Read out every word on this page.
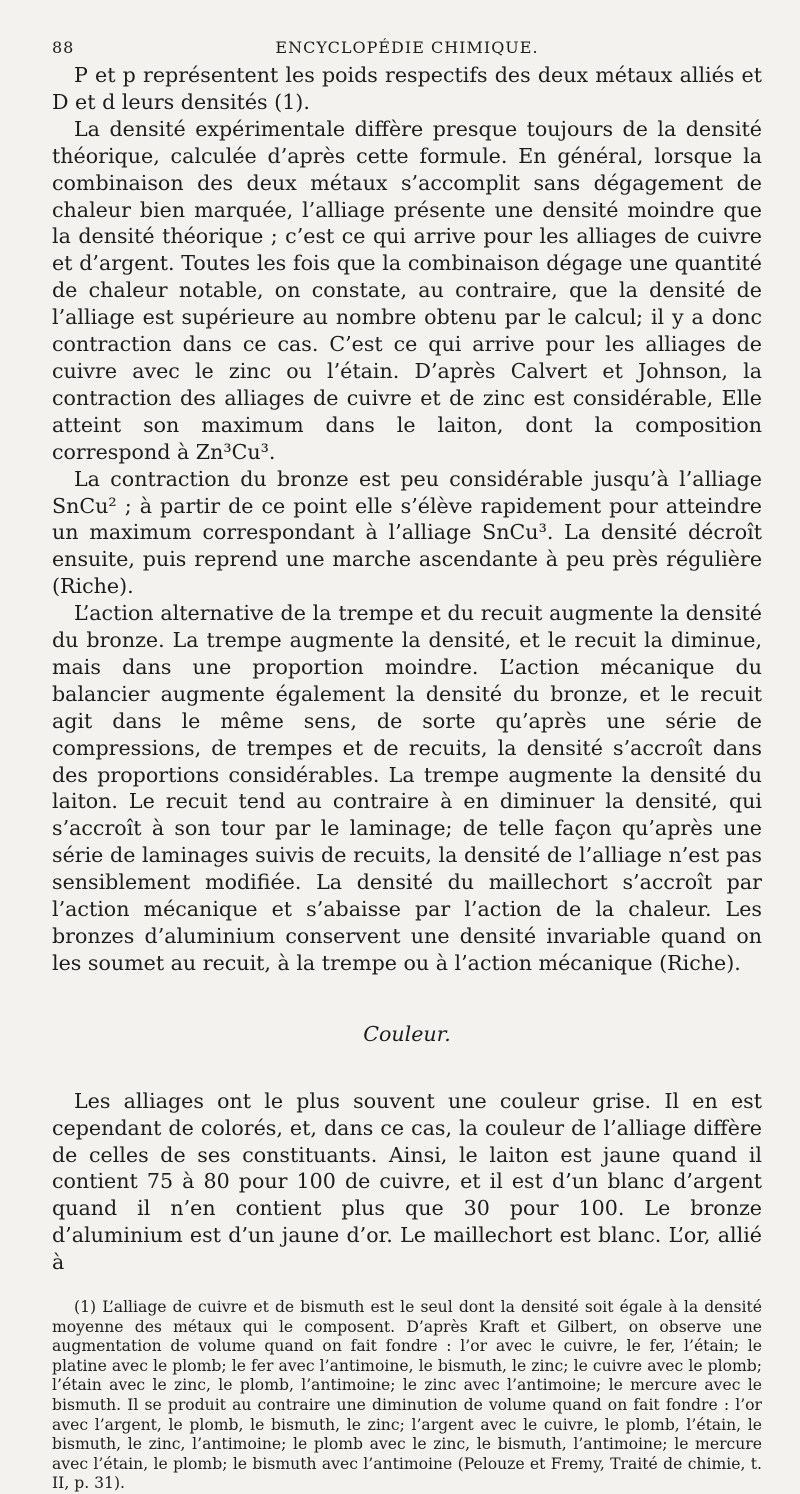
88	ENCYCLOPÉDIE CHIMIQUE.

P et p représentent les poids respectifs des deux métaux alliés et D et d leurs densités (1).

La densité expérimentale diffère presque toujours de la densité théorique, calculée d’après cette formule. En général, lorsque la combinaison des deux métaux s’accomplit sans dégagement de chaleur bien marquée, l’alliage présente une densité moindre que la densité théorique ; c’est ce qui arrive pour les alliages de cuivre et d’argent. Toutes les fois que la combinaison dégage une quantité de chaleur notable, on constate, au contraire, que la densité de l’alliage est supérieure au nombre obtenu par le calcul; il y a donc contraction dans ce cas. C’est ce qui arrive pour les alliages de cuivre avec le zinc ou l’étain. D’après Calvert et Johnson, la contraction des alliages de cuivre et de zinc est considérable, Elle atteint son maximum dans le laiton, dont la composition correspond à Zn³Cu³.

La contraction du bronze est peu considérable jusqu’à l’alliage SnCu² ; à partir de ce point elle s’élève rapidement pour atteindre un maximum correspondant à l’alliage SnCu³. La densité décroît ensuite, puis reprend une marche ascendante à peu près régulière (Riche).

L’action alternative de la trempe et du recuit augmente la densité du bronze. La trempe augmente la densité, et le recuit la diminue, mais dans une proportion moindre. L’action mécanique du balancier augmente également la densité du bronze, et le recuit agit dans le même sens, de sorte qu’après une série de compressions, de trempes et de recuits, la densité s’accroît dans des proportions considérables. La trempe augmente la densité du laiton. Le recuit tend au contraire à en diminuer la densité, qui s’accroît à son tour par le laminage; de telle façon qu’après une série de laminages suivis de recuits, la densité de l’alliage n’est pas sensiblement modifiée. La densité du maillechort s’accroît par l’action mécanique et s’abaisse par l’action de la chaleur. Les bronzes d’aluminium conservent une densité invariable quand on les soumet au recuit, à la trempe ou à l’action mécanique (Riche).

Couleur.

Les alliages ont le plus souvent une couleur grise. Il en est cependant de colorés, et, dans ce cas, la couleur de l’alliage diffère de celles de ses constituants. Ainsi, le laiton est jaune quand il contient 75 à 80 pour 100 de cuivre, et il est d’un blanc d’argent quand il n’en contient plus que 30 pour 100. Le bronze d’aluminium est d’un jaune d’or. Le maillechort est blanc. L’or, allié à

(1) L’alliage de cuivre et de bismuth est le seul dont la densité soit égale à la densité moyenne des métaux qui le composent. D’après Kraft et Gilbert, on observe une augmentation de volume quand on fait fondre : l’or avec le cuivre, le fer, l’étain; le platine avec le plomb; le fer avec l’antimoine, le bismuth, le zinc; le cuivre avec le plomb; l’étain avec le zinc, le plomb, l’antimoine; le zinc avec l’antimoine; le mercure avec le bismuth. Il se produit au contraire une diminution de volume quand on fait fondre : l’or avec l’argent, le plomb, le bismuth, le zinc; l’argent avec le cuivre, le plomb, l’étain, le bismuth, le zinc, l’antimoine; le plomb avec le zinc, le bismuth, l’antimoine; le mercure avec l’étain, le plomb; le bismuth avec l’antimoine (Pelouze et Fremy, Traité de chimie, t. II, p. 31).
